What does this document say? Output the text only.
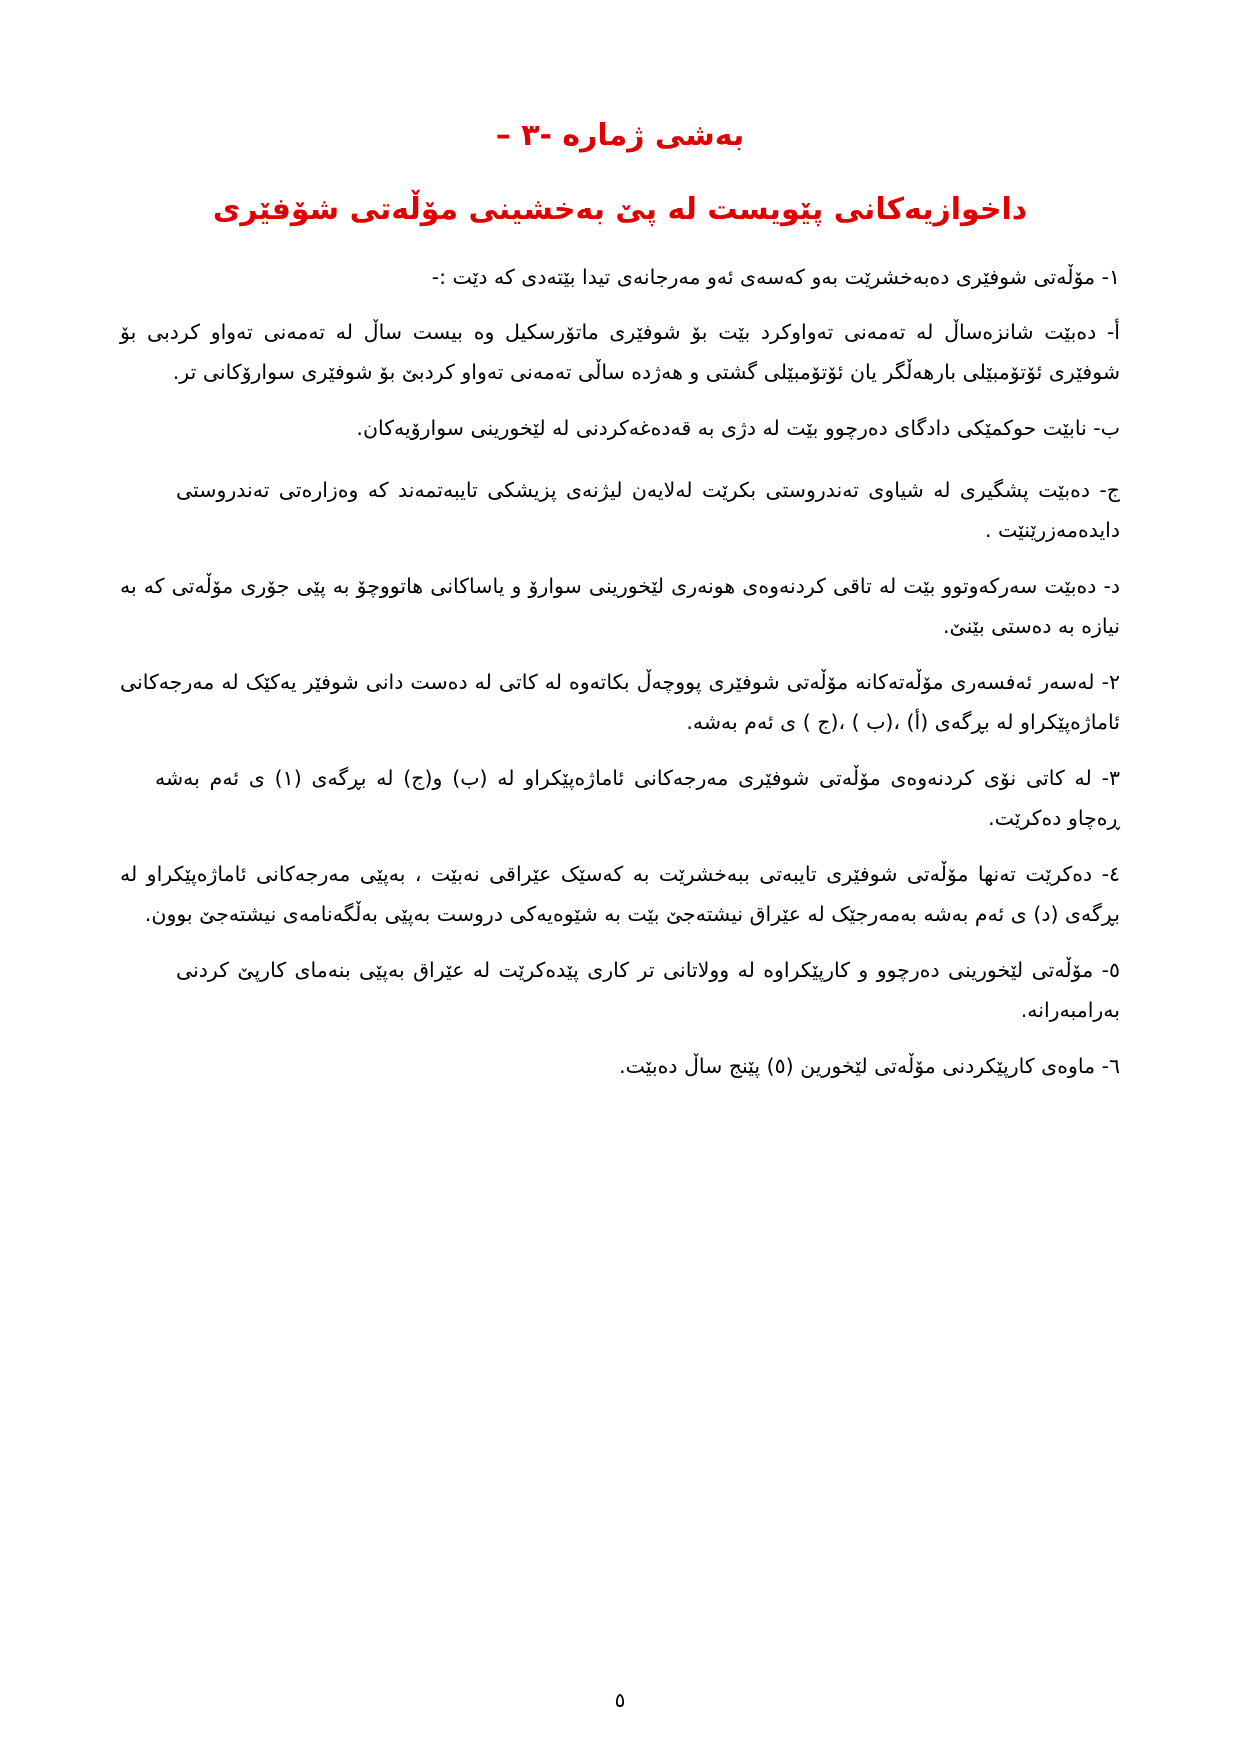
بەشی ژمارە -٣ –
داخوازیەکانی پێویست لە پێ بەخشینی مۆڵەتی شۆفێری
١- مۆڵەتی شوفێری دەبەخشرێت بەو کەسەی ئەو مەرجانەی تیدا بێتەدی کە دێت :-
أ- دەبێت شانزەساڵ لە تەمەنی تەواوکرد بێت بۆ شوفێری ماتۆرسکیل وە بیست ساڵ لە تەمەنی تەواو کردبی بۆ شوفێری ئۆتۆمبێلی بارهەڵگر یان ئۆتۆمبێلی گشتی و هەژدە ساڵی تەمەنی تەواو کردبێ بۆ شوفێری سوارۆکانی تر.
ب- نابێت حوکمێکی دادگای دەرچوو بێت لە دژی بە قەدەغەکردنی لە لێخورینی سوارۆیەکان.
ج- دەبێت پشگیری لە شیاوی تەندروستی بکرێت لەلایەن لیژنەی پزیشکی تایبەتمەند کە وەزارەتی تەندروستی دایدەمەزرێنێت .
د- دەبێت سەرکەوتوو بێت لە تاقی کردنەوەی هونەری لێخورینی سوارۆ و یاساکانی هاتووچۆ بە پێی جۆری مۆڵەتی کە بە نیازە بە دەستی بێنێ.
٢- لەسەر ئەفسەری مۆڵەتەکانە مۆڵەتی شوفێری پووچەڵ بکاتەوە لە کاتی لە دەست دانی شوفێر یەکێک لە مەرجەکانی ئاماژەپێکراو لە بڕگەی (أ) ،(ب ) ،(ج ) ی ئەم بەشە.
٣- لە کاتی نۆی کردنەوەی مۆڵەتی شوفێری مەرجەکانی ئاماژەپێکراو لە (ب) و(ج) لە بڕگەی (١) ی ئەم بەشە ڕەچاو دەکرێت.
٤- دەکرێت تەنها مۆڵەتی شوفێری تایبەتی ببەخشرێت بە کەسێک عێراقی نەبێت ، بەپێی مەرجەکانی ئاماژەپێکراو لە بڕگەی (د) ی ئەم بەشە بەمەرجێک لە عێراق نیشتەجێ بێت بە شێوەیەکی دروست بەپێی بەڵگەنامەی نیشتەجێ بوون.
٥- مۆڵەتی لێخورینی دەرچوو و کارپێکراوە لە وولاتانی تر کاری پێدەکرێت لە عێراق بەپێی بنەمای کارپێ کردنی بەرامبەرانە.
٦- ماوەی کارپێکردنی مۆڵەتی لێخورین (٥) پێنج ساڵ دەبێت.
٥
